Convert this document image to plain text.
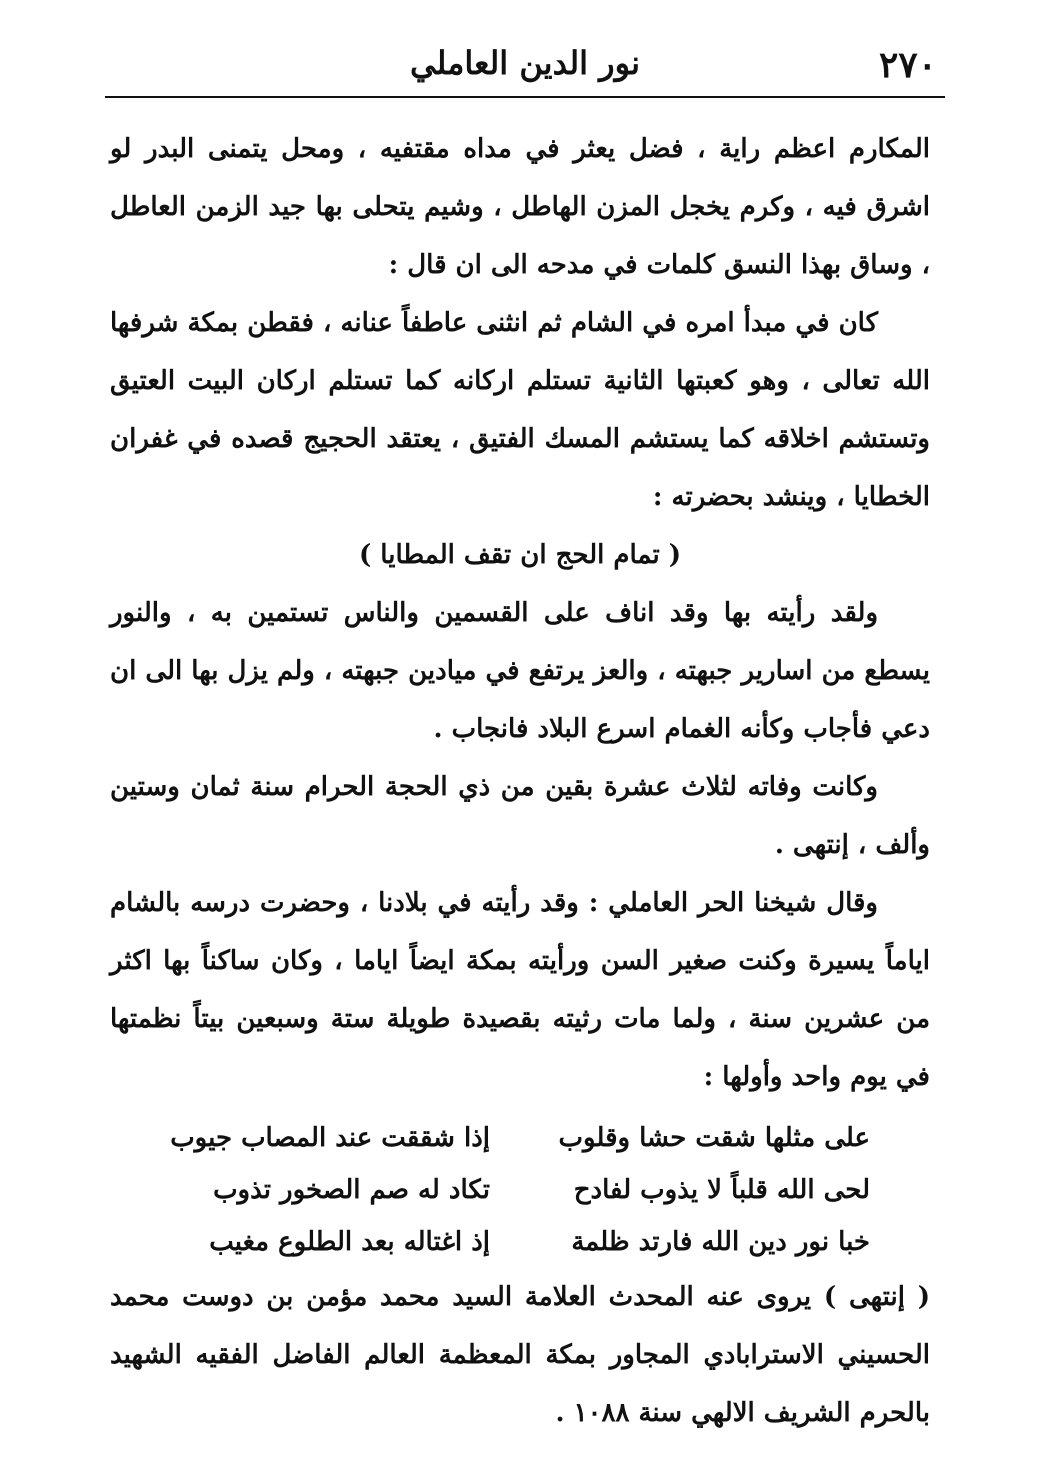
٢٧٠
نور الدين العاملي

المكارم اعظم راية ، فضل يعثر في مداه مقتفيه ، ومحل يتمنى البدر لو اشرق فيه ، وكرم يخجل المزن الهاطل ، وشيم يتحلى بها جيد الزمن العاطل ، وساق بهذا النسق كلمات في مدحه الى ان قال :

كان في مبدأ امره في الشام ثم انثنى عاطفاً عنانه ، فقطن بمكة شرفها الله تعالى ، وهو كعبتها الثانية تستلم اركانه كما تستلم اركان البيت العتيق وتستشم اخلاقه كما يستشم المسك الفتيق ، يعتقد الحجيج قصده في غفران الخطايا ، وينشد بحضرته :

( تمام الحج ان تقف المطايا )

ولقد رأيته بها وقد اناف على القسمين والناس تستمين به ، والنور يسطع من اسارير جبهته ، والعز يرتفع في ميادين جبهته ، ولم يزل بها الى ان دعي فأجاب وكأنه الغمام اسرع البلاد فانجاب .

وكانت وفاته لثلاث عشرة بقين من ذي الحجة الحرام سنة ثمان وستين وألف ، إنتهى .

وقال شيخنا الحر العاملي : وقد رأيته في بلادنا ، وحضرت درسه بالشام اياماً يسيرة وكنت صغير السن ورأيته بمكة ايضاً اياما ، وكان ساكناً بها اكثر من عشرين سنة ، ولما مات رثيته بقصيدة طويلة ستة وسبعين بيتاً نظمتها في يوم واحد وأولها :

على مثلها شقت حشا وقلوب
إذا شققت عند المصاب جيوب
لحى الله قلباً لا يذوب لفادح
تكاد له صم الصخور تذوب
خبا نور دين الله فارتد ظلمة
إذ اغتاله بعد الطلوع مغيب

( إنتهى ) يروى عنه المحدث العلامة السيد محمد مؤمن بن دوست محمد الحسيني الاسترابادي المجاور بمكة المعظمة العالم الفاضل الفقيه الشهيد بالحرم الشريف الالهي سنة ١٠٨٨ .
